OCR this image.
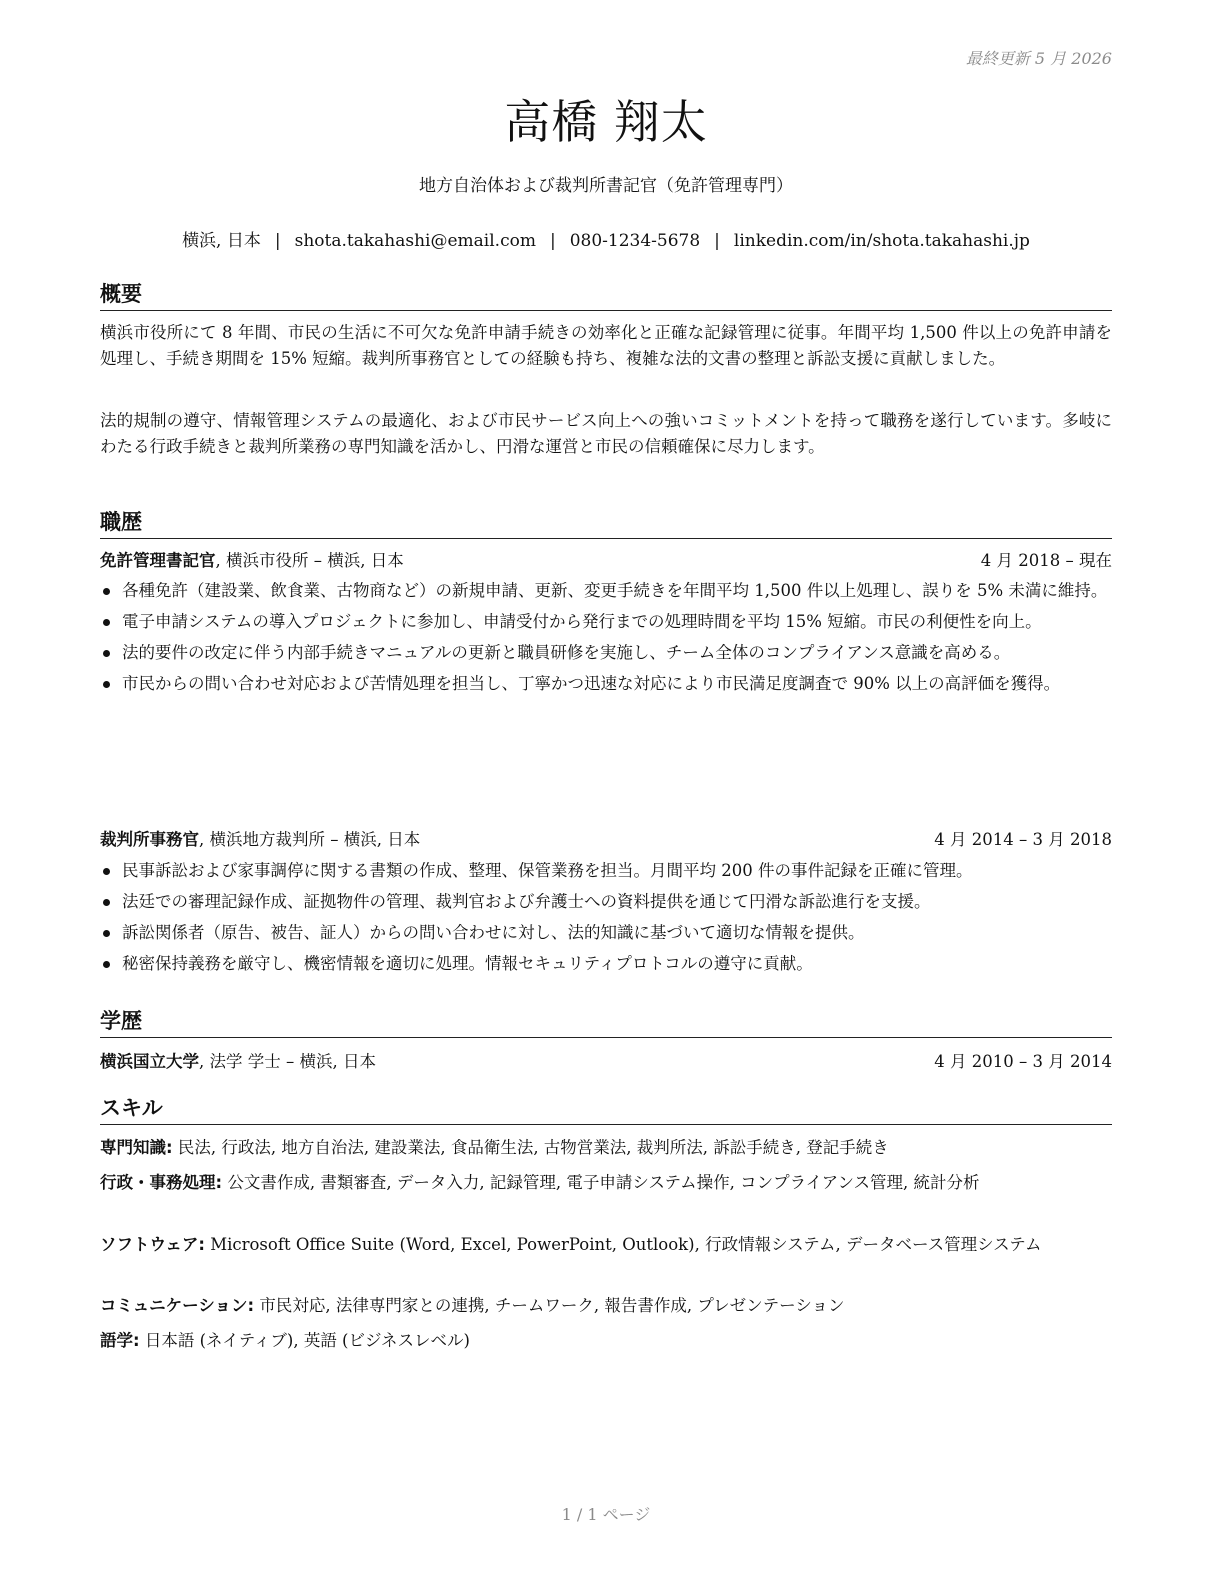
最終更新 5 月 2026
高橋 翔太
地方自治体および裁判所書記官（免許管理専門）
横浜, 日本 | shota.takahashi@email.com | 080-1234-5678 | linkedin.com/in/shota.takahashi.jp
概要

横浜市役所にて 8 年間、市民の生活に不可欠な免許申請手続きの効率化と正確な記録管理に従事。年間平均 1,500 件以上の免許申請を処理し、手続き期間を 15% 短縮。裁判所事務官としての経験も持ち、複雑な法的文書の整理と訴訟支援に貢献しました。

法的規制の遵守、情報管理システムの最適化、および市民サービス向上への強いコミットメントを持って職務を遂行しています。多岐にわたる行政手続きと裁判所業務の専門知識を活かし、円滑な運営と市民の信頼確保に尽力します。

職歴
免許管理書記官, 横浜市役所 – 横浜, 日本	4 月 2018 – 現在
各種免許（建設業、飲食業、古物商など）の新規申請、更新、変更手続きを年間平均 1,500 件以上処理し、誤りを 5% 未満に維持。
電子申請システムの導入プロジェクトに参加し、申請受付から発行までの処理時間を平均 15% 短縮。市民の利便性を向上。
法的要件の改定に伴う内部手続きマニュアルの更新と職員研修を実施し、チーム全体のコンプライアンス意識を高める。
市民からの問い合わせ対応および苦情処理を担当し、丁寧かつ迅速な対応により市民満足度調査で 90% 以上の高評価を獲得。
裁判所事務官, 横浜地方裁判所 – 横浜, 日本	4 月 2014 – 3 月 2018
民事訴訟および家事調停に関する書類の作成、整理、保管業務を担当。月間平均 200 件の事件記録を正確に管理。
法廷での審理記録作成、証拠物件の管理、裁判官および弁護士への資料提供を通じて円滑な訴訟進行を支援。
訴訟関係者（原告、被告、証人）からの問い合わせに対し、法的知識に基づいて適切な情報を提供。
秘密保持義務を厳守し、機密情報を適切に処理。情報セキュリティプロトコルの遵守に貢献。
学歴
横浜国立大学, 法学 学士 – 横浜, 日本	4 月 2010 – 3 月 2014
スキル
専門知識: 民法, 行政法, 地方自治法, 建設業法, 食品衛生法, 古物営業法, 裁判所法, 訴訟手続き, 登記手続き
行政・事務処理: 公文書作成, 書類審査, データ入力, 記録管理, 電子申請システム操作, コンプライアンス管理, 統計分析
ソフトウェア: Microsoft Office Suite (Word, Excel, PowerPoint, Outlook), 行政情報システム, データベース管理システム
コミュニケーション: 市民対応, 法律専門家との連携, チームワーク, 報告書作成, プレゼンテーション
語学: 日本語 (ネイティブ), 英語 (ビジネスレベル)
1 / 1 ページ
